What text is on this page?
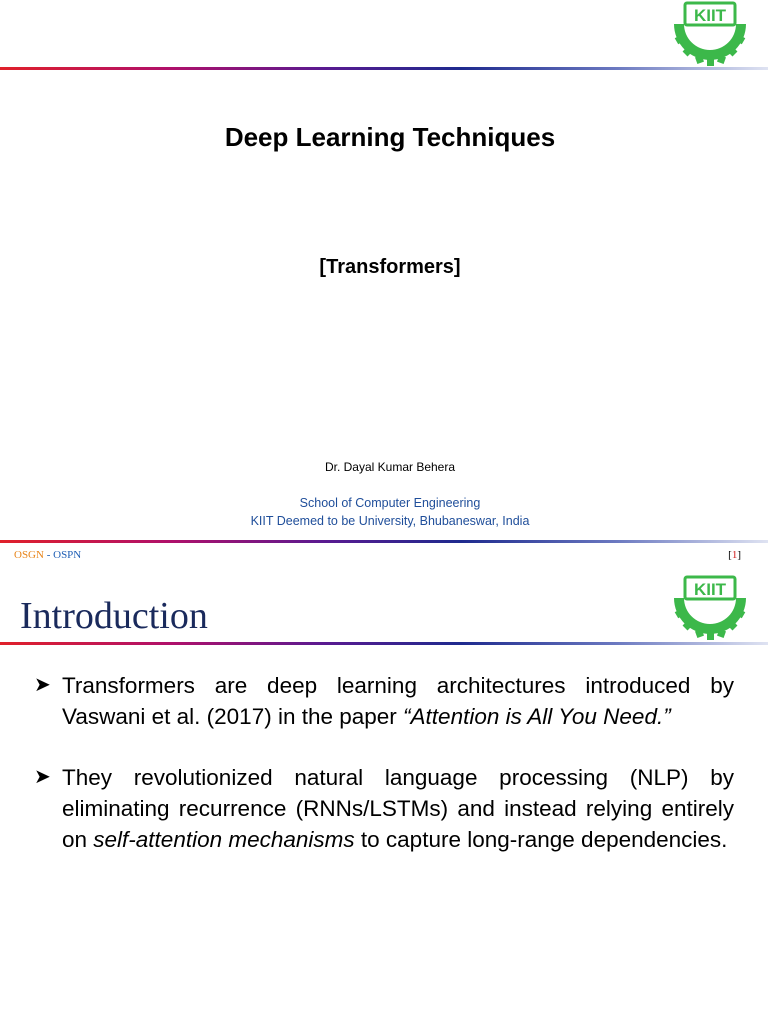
KIIT
Deep Learning Techniques
[Transformers]

Dr. Dayal Kumar Behera

School of Computer Engineering
KIIT Deemed to be University, Bhubaneswar, India
OSGN - OSPN	[1]
Introduction
KIIT
➤ Transformers are deep learning architectures introduced by Vaswani et al. (2017) in the paper “Attention is All You Need.”
➤ They revolutionized natural language processing (NLP) by eliminating recurrence (RNNs/LSTMs) and instead relying entirely on self-attention mechanisms to capture long-range dependencies.
